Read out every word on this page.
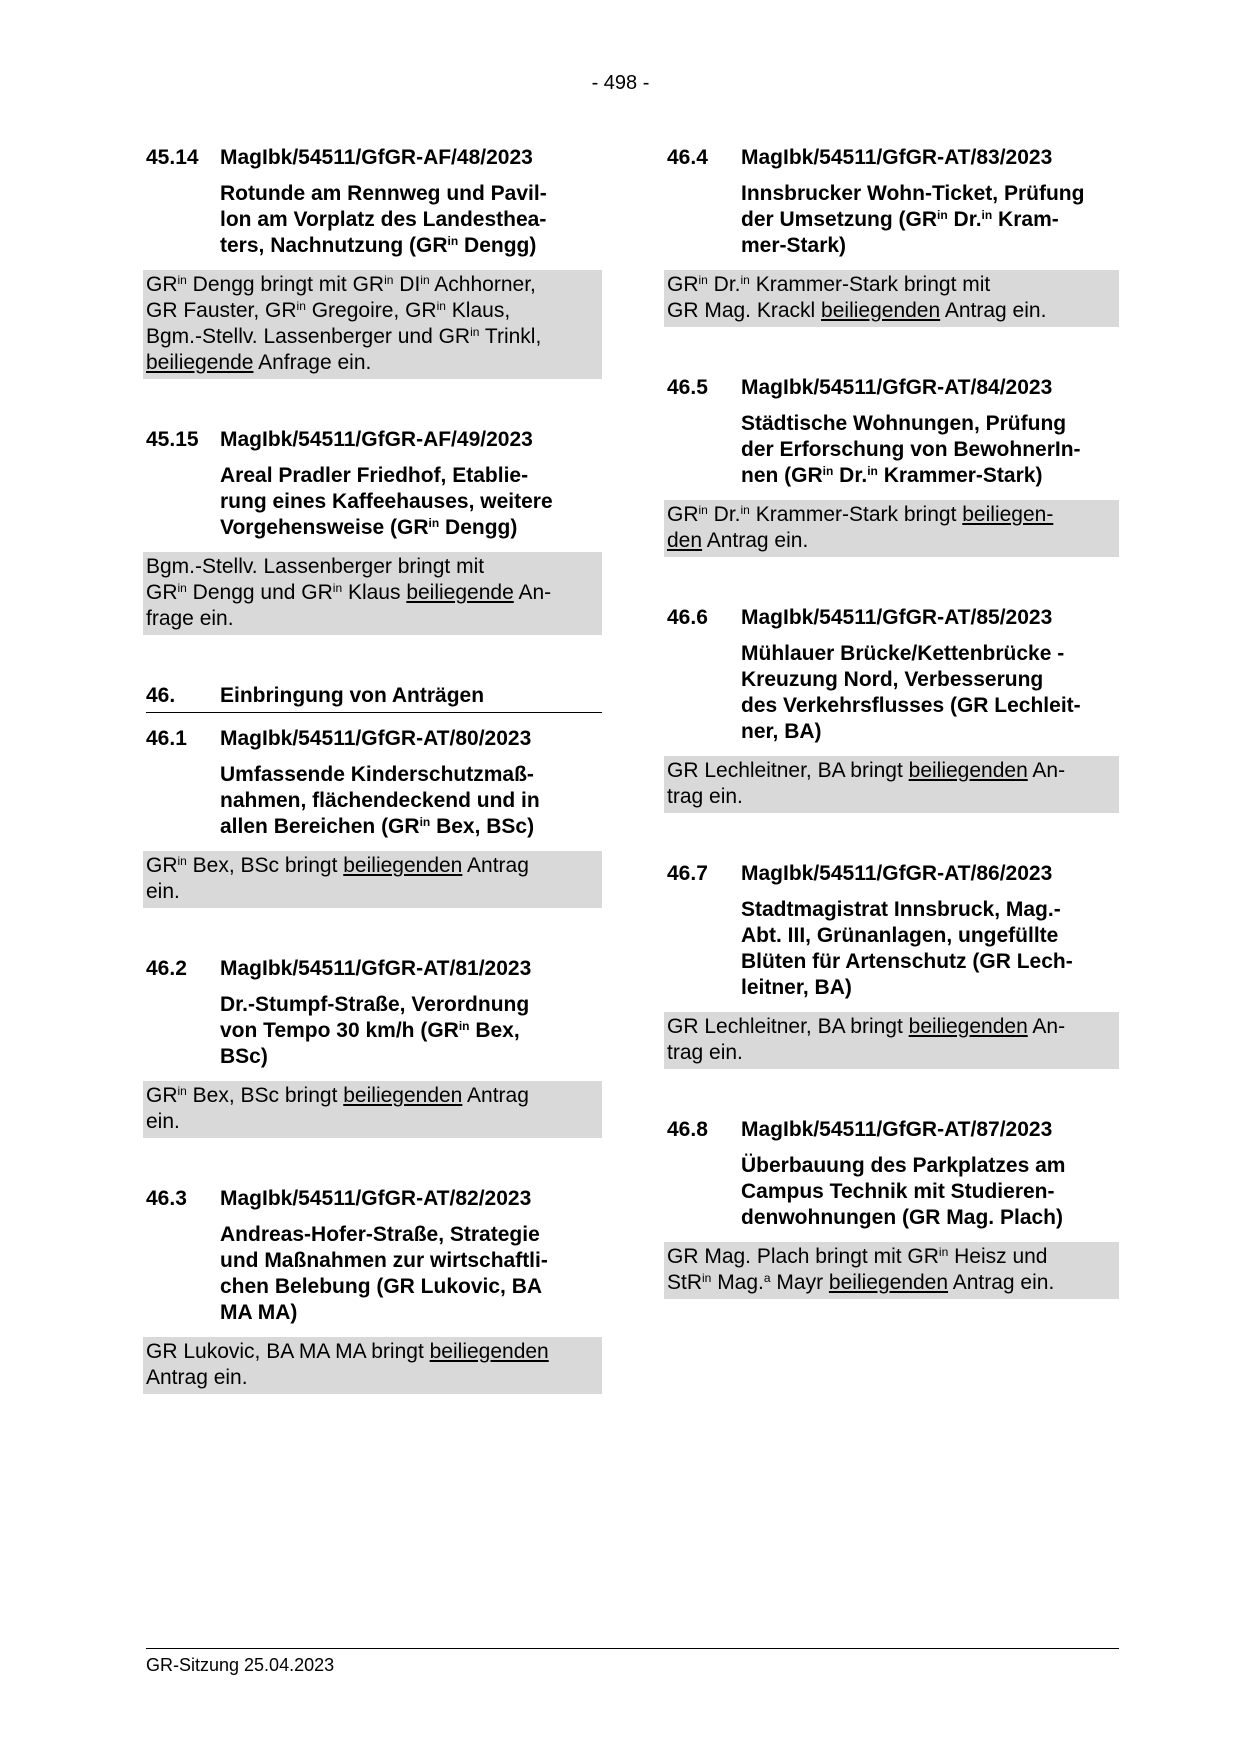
- 498 -
45.14	MagIbk/54511/GfGR-AF/48/2023
Rotunde am Rennweg und Pavil-
lon am Vorplatz des Landesthea-
ters, Nachnutzung ($GR^{in}$ Dengg)
$GR^{in}$ Dengg bringt mit $GR^{in}$ $DI^{in}$ Achhorner,
GR Fauster, $GR^{in}$ Gregoire, $GR^{in}$ Klaus,
Bgm.-Stellv. Lassenberger und $GR^{in}$ Trinkl,
beiliegende Anfrage ein.
45.15	MagIbk/54511/GfGR-AF/49/2023
Areal Pradler Friedhof, Etablie-
rung eines Kaffeehauses, weitere
Vorgehensweise ($GR^{in}$ Dengg)
Bgm.-Stellv. Lassenberger bringt mit
$GR^{in}$ Dengg und $GR^{in}$ Klaus beiliegende An-
frage ein.
46.	Einbringung von Anträgen
46.1	MagIbk/54511/GfGR-AT/80/2023
Umfassende Kinderschutzmaß-
nahmen, flächendeckend und in
allen Bereichen ($GR^{in}$ Bex, BSc)
$GR^{in}$ Bex, BSc bringt beiliegenden Antrag
ein.
46.2	MagIbk/54511/GfGR-AT/81/2023
Dr.-Stumpf-Straße, Verordnung
von Tempo 30 km/h ($GR^{in}$ Bex,
BSc)
$GR^{in}$ Bex, BSc bringt beiliegenden Antrag
ein.
46.3	MagIbk/54511/GfGR-AT/82/2023
Andreas-Hofer-Straße, Strategie
und Maßnahmen zur wirtschaftli-
chen Belebung (GR Lukovic, BA
MA MA)
GR Lukovic, BA MA MA bringt beiliegenden
Antrag ein.
46.4	MagIbk/54511/GfGR-AT/83/2023
Innsbrucker Wohn-Ticket, Prüfung
der Umsetzung ($GR^{in}$ Dr.$^{in}$ Kram-
mer-Stark)
$GR^{in}$ Dr.$^{in}$ Krammer-Stark bringt mit
GR Mag. Krackl beiliegenden Antrag ein.
46.5	MagIbk/54511/GfGR-AT/84/2023
Städtische Wohnungen, Prüfung
der Erforschung von BewohnerIn-
nen ($GR^{in}$ Dr.$^{in}$ Krammer-Stark)
$GR^{in}$ Dr.$^{in}$ Krammer-Stark bringt beiliegen-
den Antrag ein.
46.6	MagIbk/54511/GfGR-AT/85/2023
Mühlauer Brücke/Kettenbrücke -
Kreuzung Nord, Verbesserung
des Verkehrsflusses (GR Lechleit-
ner, BA)
GR Lechleitner, BA bringt beiliegenden An-
trag ein.
46.7	MagIbk/54511/GfGR-AT/86/2023
Stadtmagistrat Innsbruck, Mag.-
Abt. III, Grünanlagen, ungefüllte
Blüten für Artenschutz (GR Lech-
leitner, BA)
GR Lechleitner, BA bringt beiliegenden An-
trag ein.
46.8	MagIbk/54511/GfGR-AT/87/2023
Überbauung des Parkplatzes am
Campus Technik mit Studieren-
denwohnungen (GR Mag. Plach)
GR Mag. Plach bringt mit $GR^{in}$ Heisz und
StR$^{in}$ Mag.$^a$ Mayr beiliegenden Antrag ein.
GR-Sitzung 25.04.2023
